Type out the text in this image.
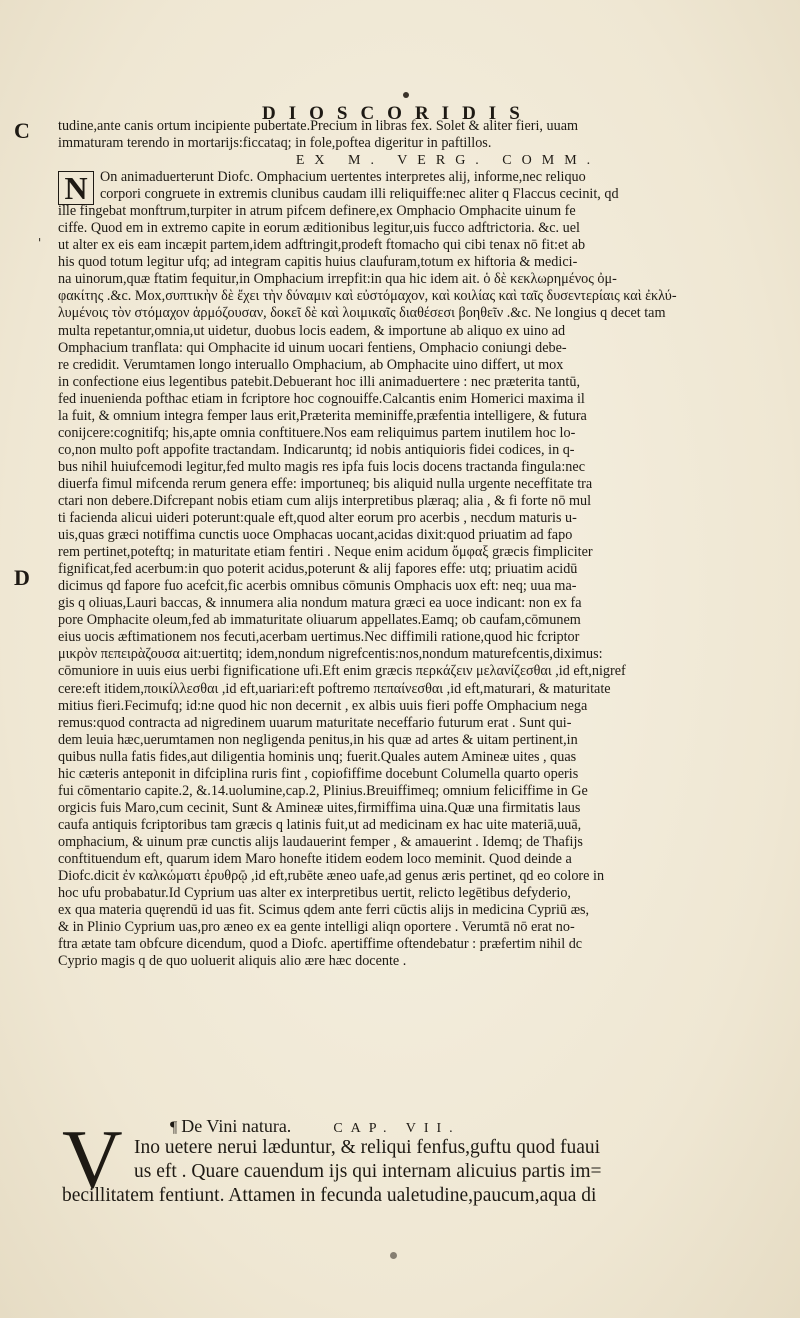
DIOSCORIDIS
C
D
'
tudine,ante canis ortum incipiente pubertate.Precium in libras fex. Solet & aliter fieri, uuam
immaturam terendo in mortarijs:ficcataq; in fole,poftea digeritur in paftillos.
EX M. VERG. COMM.
N On animaduerterunt Diofc. Omphacium uertentes interpretes alij, informe,nec reliquo
corpori congruete in extremis clunibus caudam illi reliquiffe:nec aliter q Flaccus cecinit, qd
ille fingebat monftrum,turpiter in atrum pifcem definere,ex Omphacio Omphacite uinum fe
ciffe. Quod em in extremo capite in eorum æditionibus legitur,uis fucco adftrictoria. &c. uel
ut alter ex eis eam incæpit partem,idem adftringit,prodeft ftomacho qui cibi tenax nō fit:et ab
his quod totum legitur ufq; ad integram capitis huius claufuram,totum ex hiftoria & medici-
na uinorum,quæ ftatim fequitur,in Omphacium irrepfit:in qua hic idem ait. ὁ δὲ κεκλωρημένος ὀμ-
φακίτης .&c. Mox,συπτικὴν δὲ ἔχει τὴν δύναμιν καὶ εὐστόμαχον, καὶ κοιλίας καὶ ταῖς δυσεντερίαις καὶ ἐκλύ-
λυμένοις τὸν στόμαχον ἁρμόζουσαν, δοκεῖ δὲ καὶ λοιμικαῖς διαθέσεσι βοηθεῖν .&c. Ne longius q decet tam
multa repetantur,omnia,ut uidetur, duobus locis eadem, & importune ab aliquo ex uino ad
Omphacium tranflata: qui Omphacite id uinum uocari fentiens, Omphacio coniungi debe-
re credidit. Verumtamen longo interuallo Omphacium, ab Omphacite uino differt, ut mox
in confectione eius legentibus patebit.Debuerant hoc illi animaduertere : nec præterita tantū,
fed inuenienda pofthac etiam in fcriptore hoc cognouiffe.Calcantis enim Homerici maxima il
la fuit, & omnium integra femper laus erit,Præterita meminiffe,præfentia intelligere, & futura
conijcere:cognitifq; his,apte omnia conftituere.Nos eam reliquimus partem inutilem hoc lo-
co,non multo poft appofite tractandam. Indicaruntq; id nobis antiquioris fidei codices, in q-
bus nihil huiufcemodi legitur,fed multo magis res ipfa fuis locis docens tractanda fingula:nec
diuerfa fimul mifcenda rerum genera effe: importuneq; bis aliquid nulla urgente neceffitate tra
ctari non debere.Difcrepant nobis etiam cum alijs interpretibus plæraq; alia , & fi forte nō mul
ti facienda alicui uideri poterunt:quale eft,quod alter eorum pro acerbis , necdum maturis u-
uis,quas græci notiffima cunctis uoce Omphacas uocant,acidas dixit:quod priuatim ad fapo
rem pertinet,poteftq; in maturitate etiam fentiri . Neque enim acidum ὄμφαξ græcis fimpliciter
fignificat,fed acerbum:in quo poterit acidus,poterunt & alij fapores effe: utq; priuatim acidū
dicimus qd fapore fuo acefcit,fic acerbis omnibus cōmunis Omphacis uox eft: neq; uua ma-
gis q oliuas,Lauri baccas, & innumera alia nondum matura græci ea uoce indicant: non ex fa
pore Omphacite oleum,fed ab immaturitate oliuarum appellates.Eamq; ob caufam,cōmunem
eius uocis æftimationem nos fecuti,acerbam uertimus.Nec diffimili ratione,quod hic fcriptor
μικρὸν πεπειρὰζουσα ait:uertitq; idem,nondum nigrefcentis:nos,nondum maturefcentis,diximus:
cōmuniore in uuis eius uerbi fignificatione ufi.Eft enim græcis περκάζειν μελανίζεσθαι ,id eft,nigref
cere:eft itidem,ποικίλλεσθαι ,id eft,uariari:eft poftremo πεπαίνεσθαι ,id eft,maturari, & maturitate
mitius fieri.Fecimufq; id:ne quod hic non decernit , ex albis uuis fieri poffe Omphacium nega
remus:quod contracta ad nigredinem uuarum maturitate neceffario futurum erat . Sunt qui-
dem leuia hæc,uerumtamen non negligenda penitus,in his quæ ad artes & uitam pertinent,in
quibus nulla fatis fides,aut diligentia hominis unq; fuerit.Quales autem Amineæ uites , quas
hic cæteris anteponit in difciplina ruris fint , copiofiffime docebunt Columella quarto operis
fui cōmentario capite.2, &.14.uolumine,cap.2, Plinius.Breuiffimeq; omnium feliciffime in Ge
orgicis fuis Maro,cum cecinit, Sunt & Amineæ uites,firmiffima uina.Quæ una firmitatis laus
caufa antiquis fcriptoribus tam græcis q latinis fuit,ut ad medicinam ex hac uite materiā,uuā,
omphacium, & uinum præ cunctis alijs laudauerint femper , & amauerint . Idemq; de Thafijs
conftituendum eft, quarum idem Maro honefte itidem eodem loco meminit. Quod deinde a
Diofc.dicit ἐν καλκώματι ἐρυθρῷ ,id eft,rubēte æneo uafe,ad genus æris pertinet, qd eo colore in
hoc ufu probabatur.Id Cyprium uas alter ex interpretibus uertit, relicto legētibus defyderio,
ex qua materia quęrendū id uas fit. Scimus qdem ante ferri cūctis alijs in medicina Cypriū æs,
& in Plinio Cyprium uas,pro æneo ex ea gente intelligi aliqn oportere . Verumtā nō erat no-
ftra ætate tam obfcure dicendum, quod a Diofc. apertiffime oftendebatur : præfertim nihil dc
Cyprio magis q de quo uoluerit aliquis alio ære hæc docente .
V	¶ De Vini natura.	CAP. VII.
Ino uetere nerui læduntur, & reliqui fenfus,guftu quod fuaui
us eft . Quare cauendum ijs qui internam alicuius partis im=
becillitatem fentiunt. Attamen in fecunda ualetudine,paucum,aqua di
